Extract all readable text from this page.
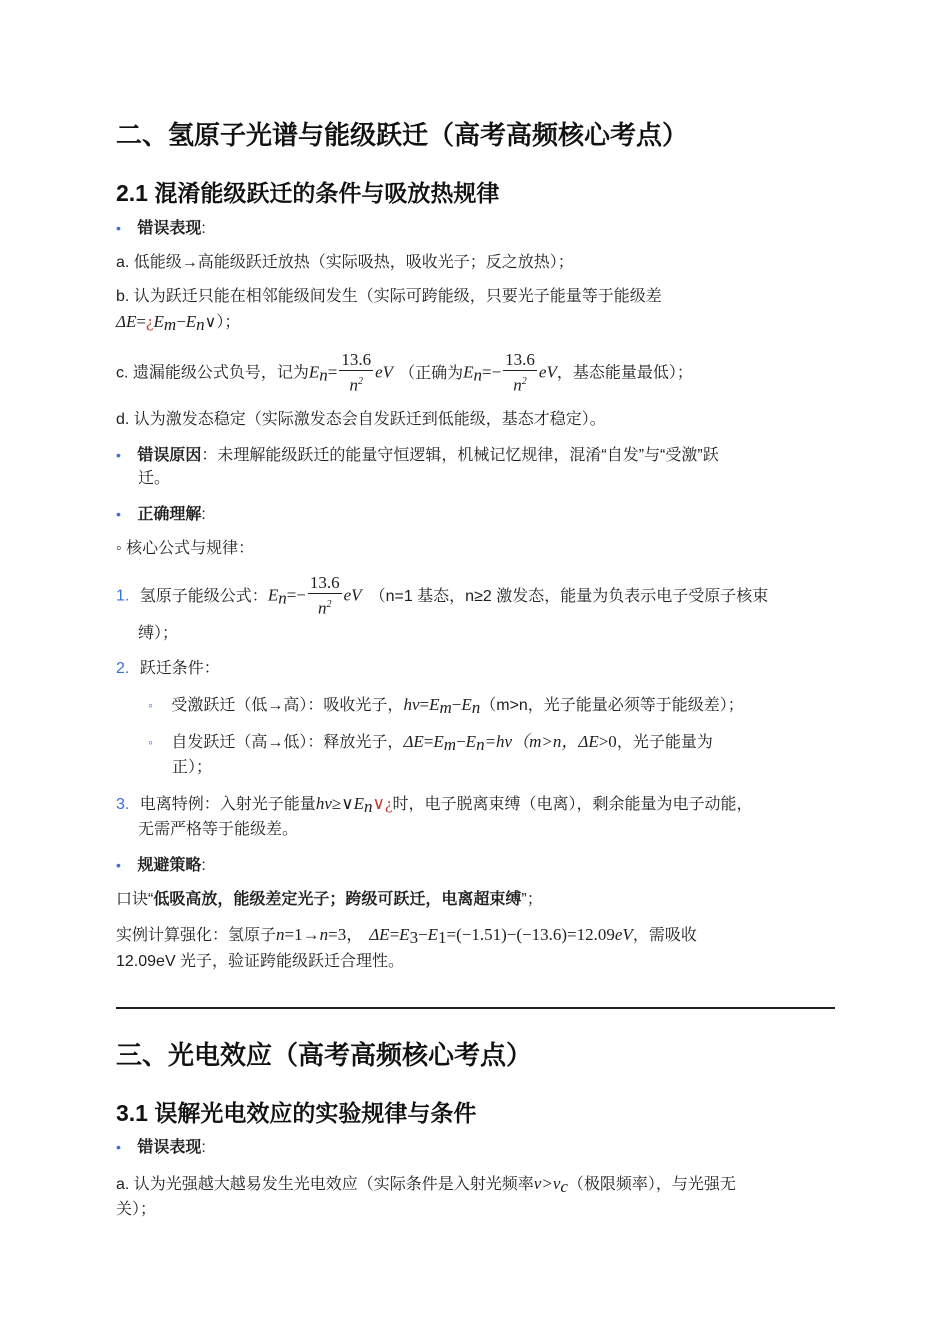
二、氢原子光谱与能级跃迁（高考高频核心考点）
2.1 混淆能级跃迁的条件与吸放热规律
• 错误表现:
a. 低能级→高能级跃迁放热（实际吸热，吸收光子；反之放热）；
b. 认为跃迁只能在相邻能级间发生（实际可跨能级，只要光子能量等于能级差
$\Delta E=¿E_m-E_n\vee$）；
c. 遗漏能级公式负号，记为$E_n= \frac{13.6}{n^2}$ eV （正确为$E_n=- \frac{13.6}{n^2}$ eV，基态能量最低）；
d. 认为激发态稳定（实际激发态会自发跃迁到低能级，基态才稳定）。
• 错误原因：未理解能级跃迁的能量守恒逻辑，机械记忆规律，混淆“自发”与“受激”跃
迁。
• 正确理解:
◦ 核心公式与规律：
1. 氢原子能级公式：$E_n=- \frac{13.6}{n^2}$ eV （n=1 基态，n≥2 激发态，能量为负表示电子受原子核束
缚）；
2. 跃迁条件：
◦ 受激跃迁（低→高）：吸收光子，$h\nu=E_m-E_n(m>n$，光子能量必须等于能级差）；
◦ 自发跃迁（高→低）：释放光子，$\Delta E=E_m-E_n=h\nu(m>n$，ΔE>0，光子能量为
正）；
3. 电离特例：入射光子能量$h\nu\ge\vee E_n\vee¿$时，电子脱离束缚（电离），剩余能量为电子动能，
无需严格等于能级差。
• 规避策略:
口诀“低吸高放，能级差定光子；跨级可跃迁，电离超束缚”；
实例计算强化：氢原子n=1→n=3， $\Delta E=E_3-E_1=(-1.51)-(-13.6)=12.09eV$，需吸收
12.09eV 光子，验证跨能级跃迁合理性。
三、光电效应（高考高频核心考点）
3.1 误解光电效应的实验规律与条件
• 错误表现:
a. 认为光强越大越易发生光电效应（实际条件是入射光频率$\nu>\nu_c$（极限频率），与光强无
关）；
